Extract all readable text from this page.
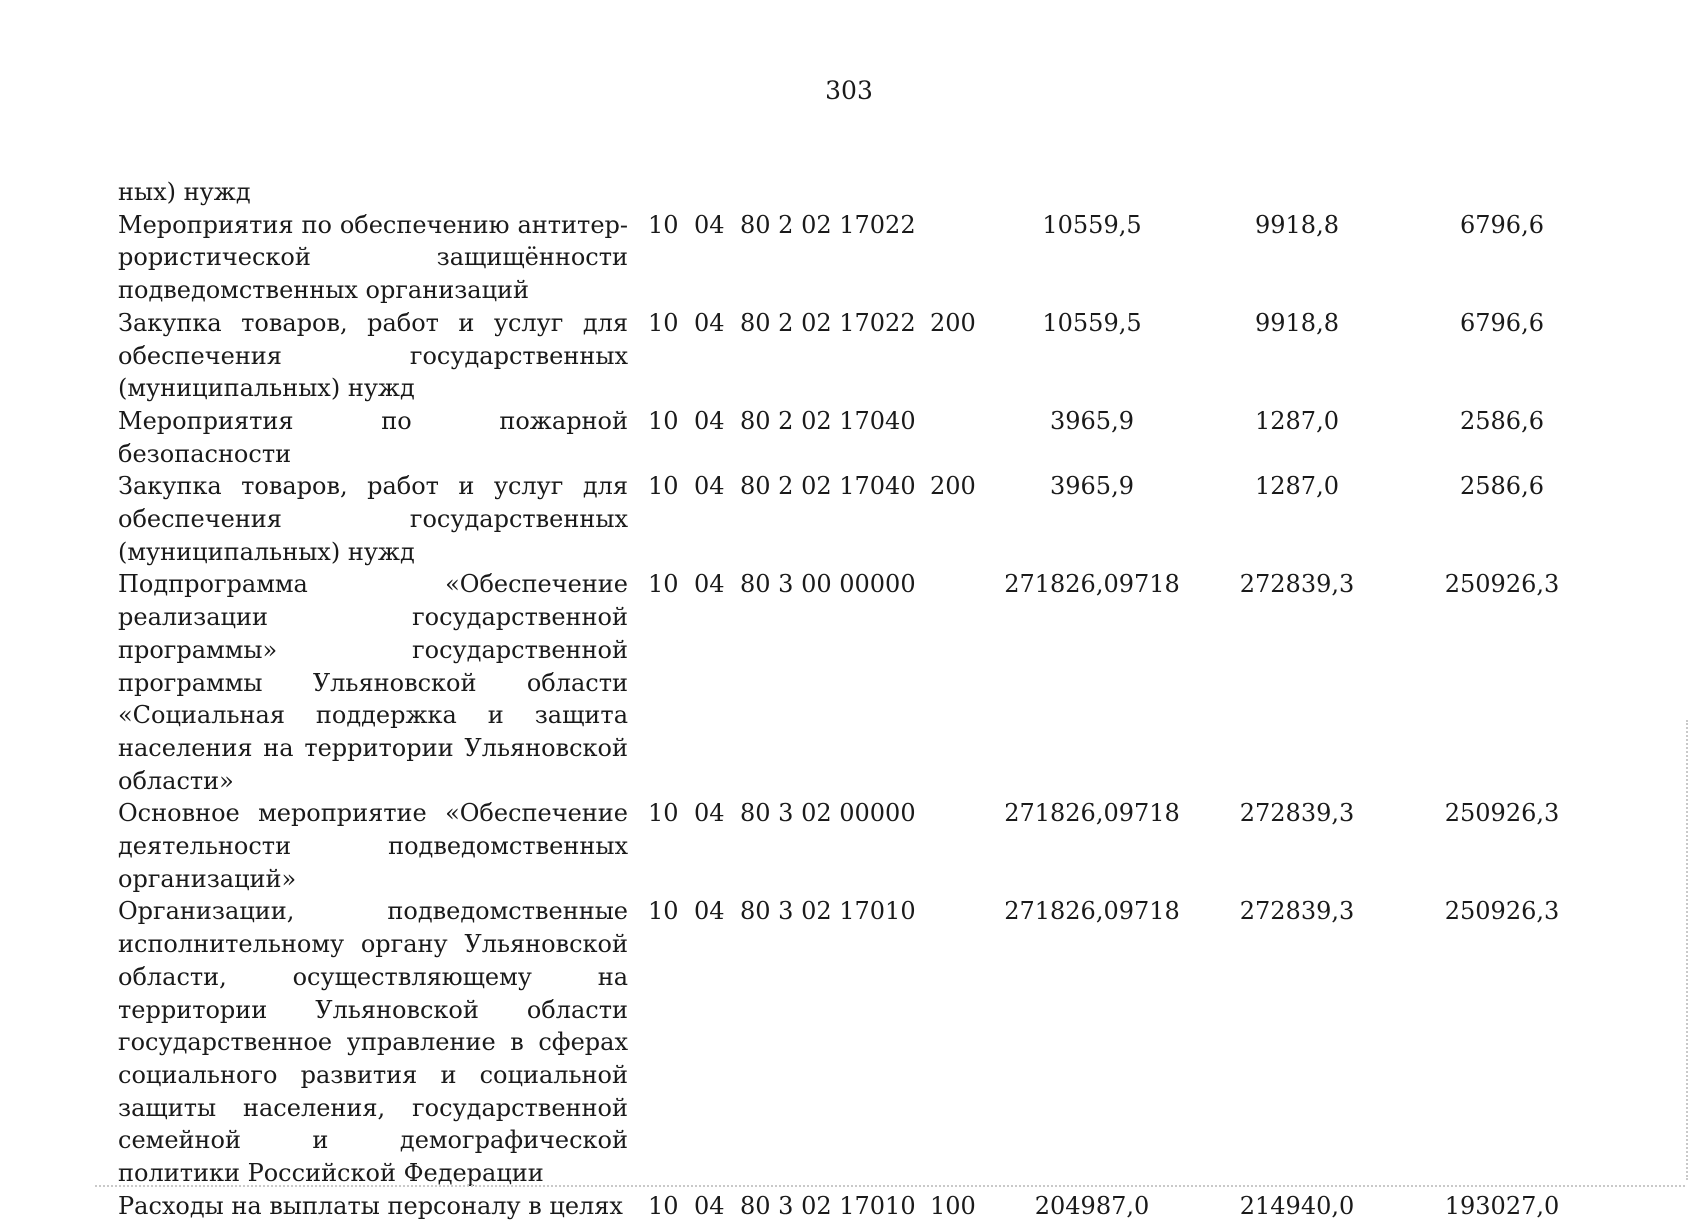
303
ных) нужд							
Мероприятия по обеспечению антитеррористической защищённости подведомственных организаций	10	04	80 2 02 17022		10559,5	9918,8	6796,6
Закупка товаров, работ и услуг для обеспечения государственных (муниципальных) нужд	10	04	80 2 02 17022	200	10559,5	9918,8	6796,6
Мероприятия по пожарной безопасности	10	04	80 2 02 17040		3965,9	1287,0	2586,6
Закупка товаров, работ и услуг для обеспечения государственных (муниципальных) нужд	10	04	80 2 02 17040	200	3965,9	1287,0	2586,6
Подпрограмма «Обеспечение реализации государственной программы» государственной программы Ульяновской области «Социальная поддержка и защита населения на территории Ульяновской области»	10	04	80 3 00 00000		271826,09718	272839,3	250926,3
Основное мероприятие «Обеспечение деятельности подведомственных организаций»	10	04	80 3 02 00000		271826,09718	272839,3	250926,3
Организации, подведомственные исполнительному органу Ульяновской области, осуществляющему на территории Ульяновской области государственное управление в сферах социального развития и социальной защиты населения, государственной семейной и демографической политики Российской Федерации	10	04	80 3 02 17010		271826,09718	272839,3	250926,3
Расходы на выплаты персоналу в целях	10	04	80 3 02 17010	100	204987,0	214940,0	193027,0
